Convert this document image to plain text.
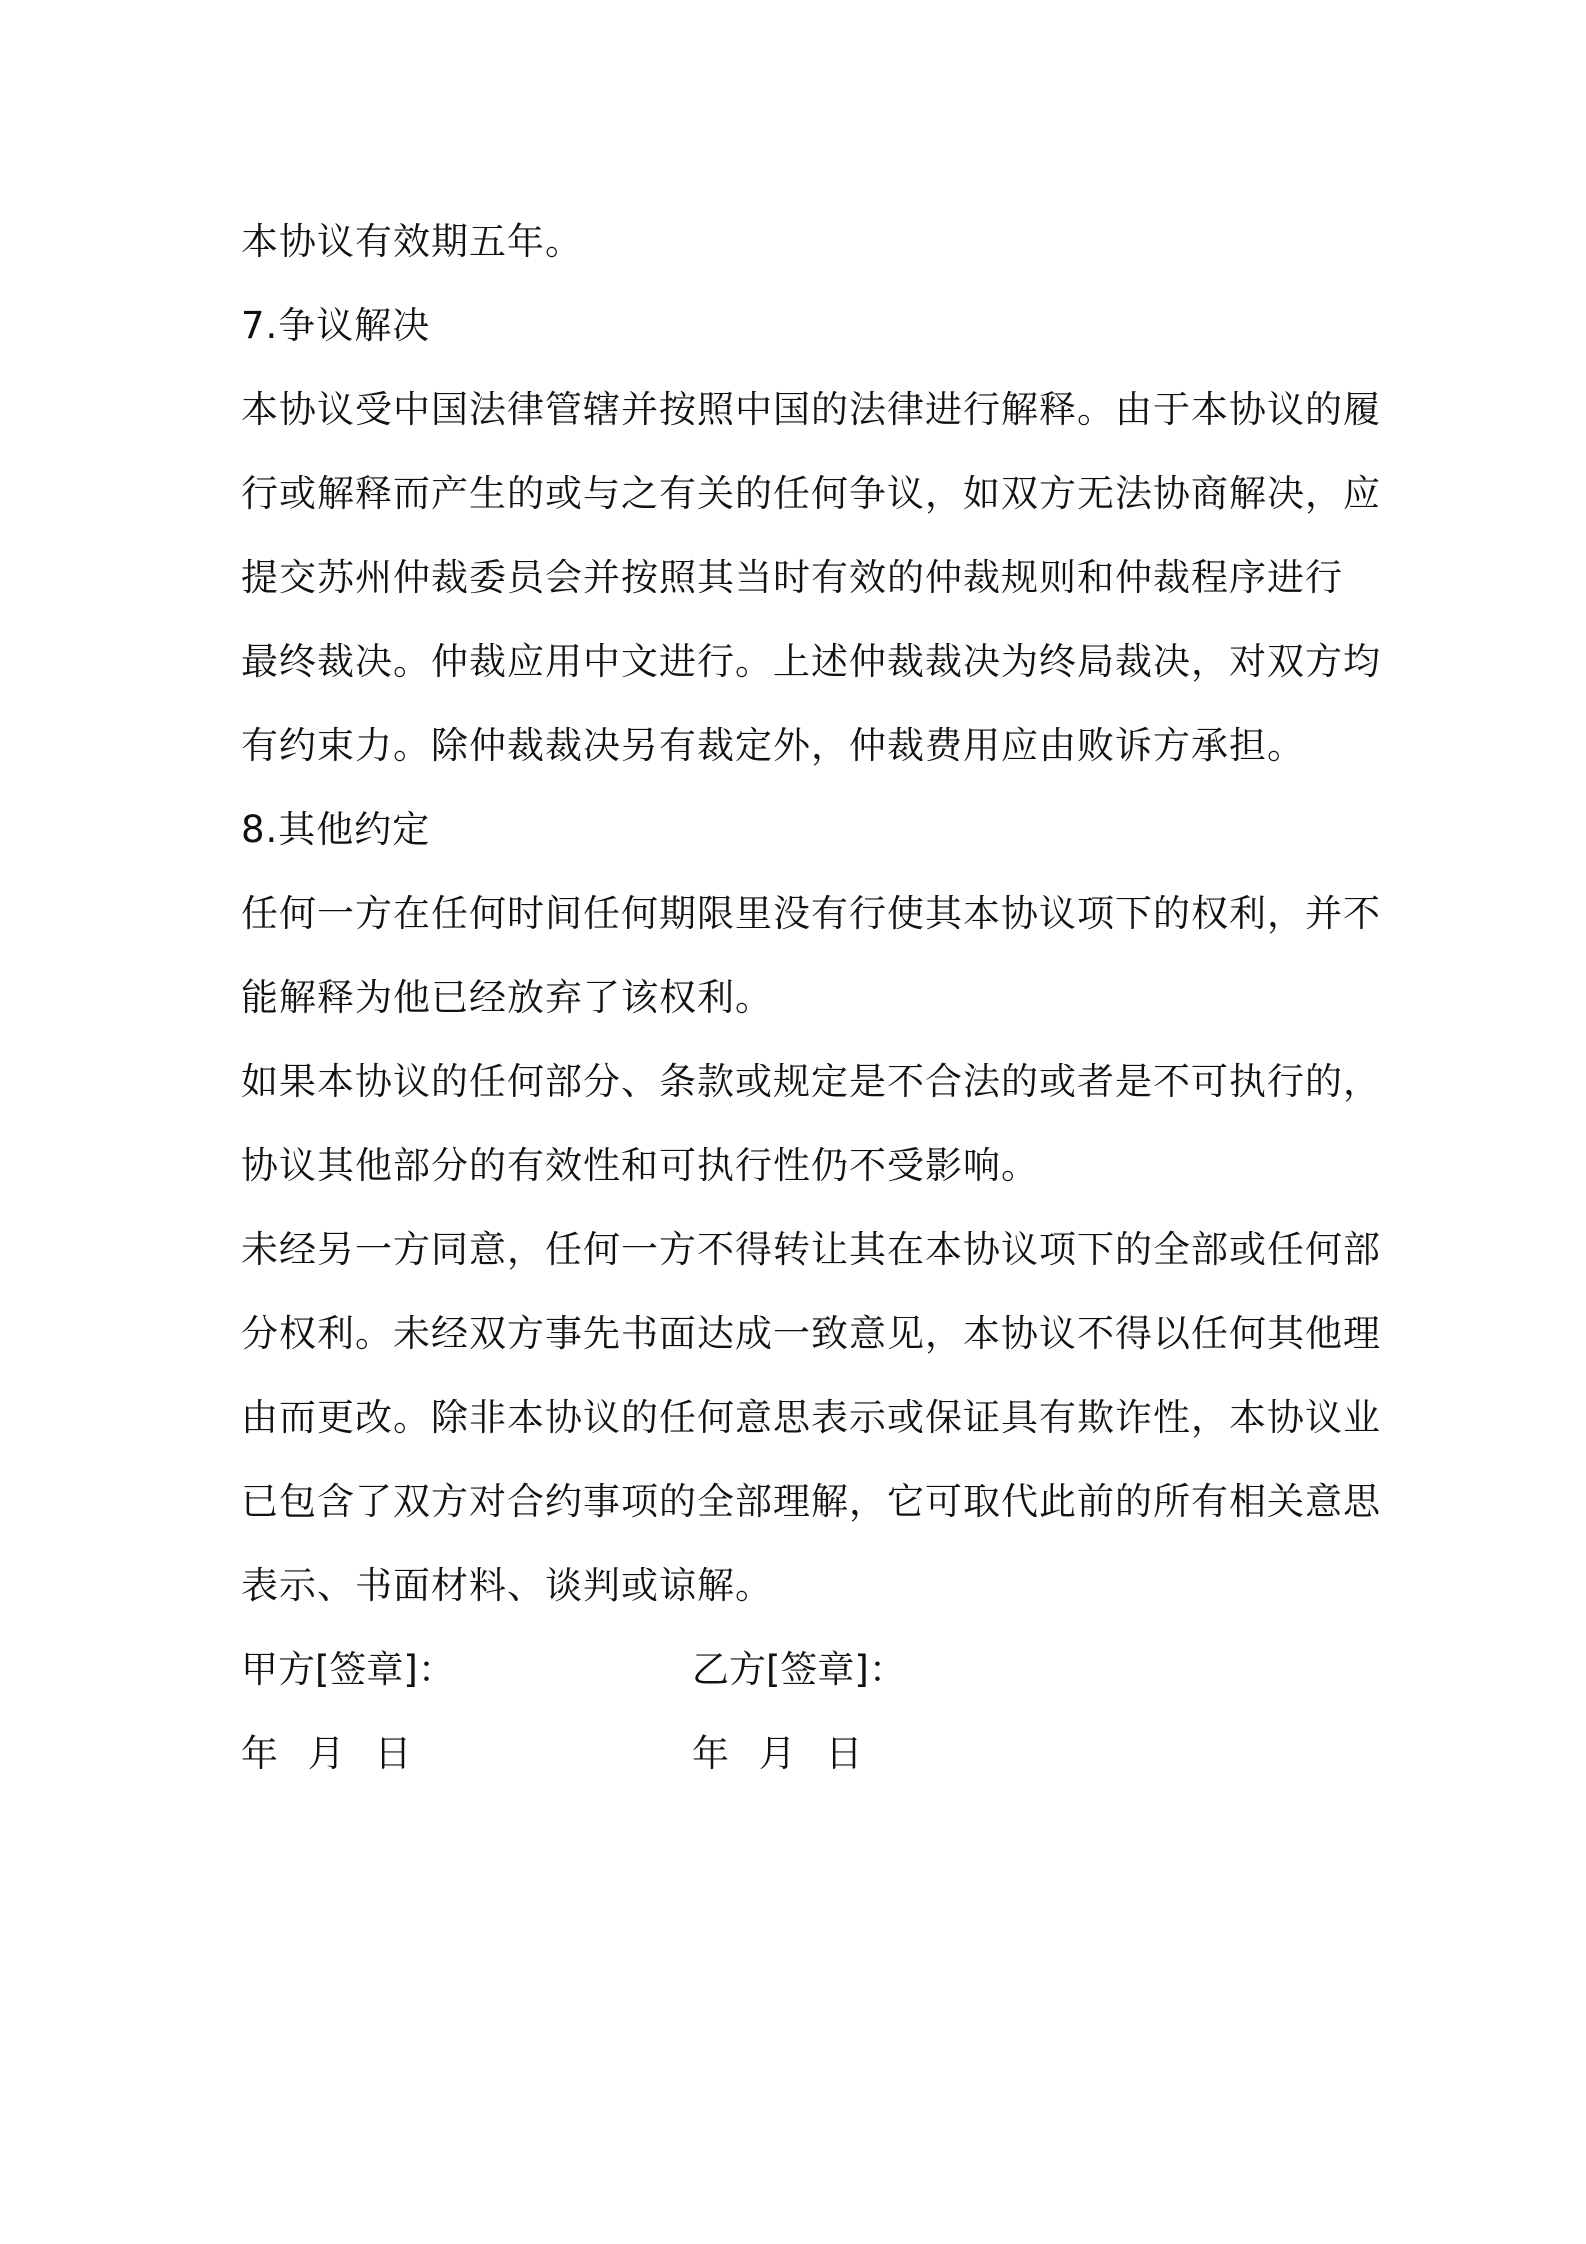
本协议有效期五年。
7.争议解决
本协议受中国法律管辖并按照中国的法律进行解释。由于本协议的履
行或解释而产生的或与之有关的任何争议，如双方无法协商解决，应
提交苏州仲裁委员会并按照其当时有效的仲裁规则和仲裁程序进行
最终裁决。仲裁应用中文进行。上述仲裁裁决为终局裁决，对双方均
有约束力。除仲裁裁决另有裁定外，仲裁费用应由败诉方承担。
8.其他约定
任何一方在任何时间任何期限里没有行使其本协议项下的权利，并不
能解释为他已经放弃了该权利。
如果本协议的任何部分、条款或规定是不合法的或者是不可执行的，
协议其他部分的有效性和可执行性仍不受影响。
未经另一方同意，任何一方不得转让其在本协议项下的全部或任何部
分权利。未经双方事先书面达成一致意见，本协议不得以任何其他理
由而更改。除非本协议的任何意思表示或保证具有欺诈性，本协议业
已包含了双方对合约事项的全部理解，它可取代此前的所有相关意思
表示、书面材料、谈判或谅解。
甲方[签章]：	乙方[签章]：
年 月 日	年 月 日
